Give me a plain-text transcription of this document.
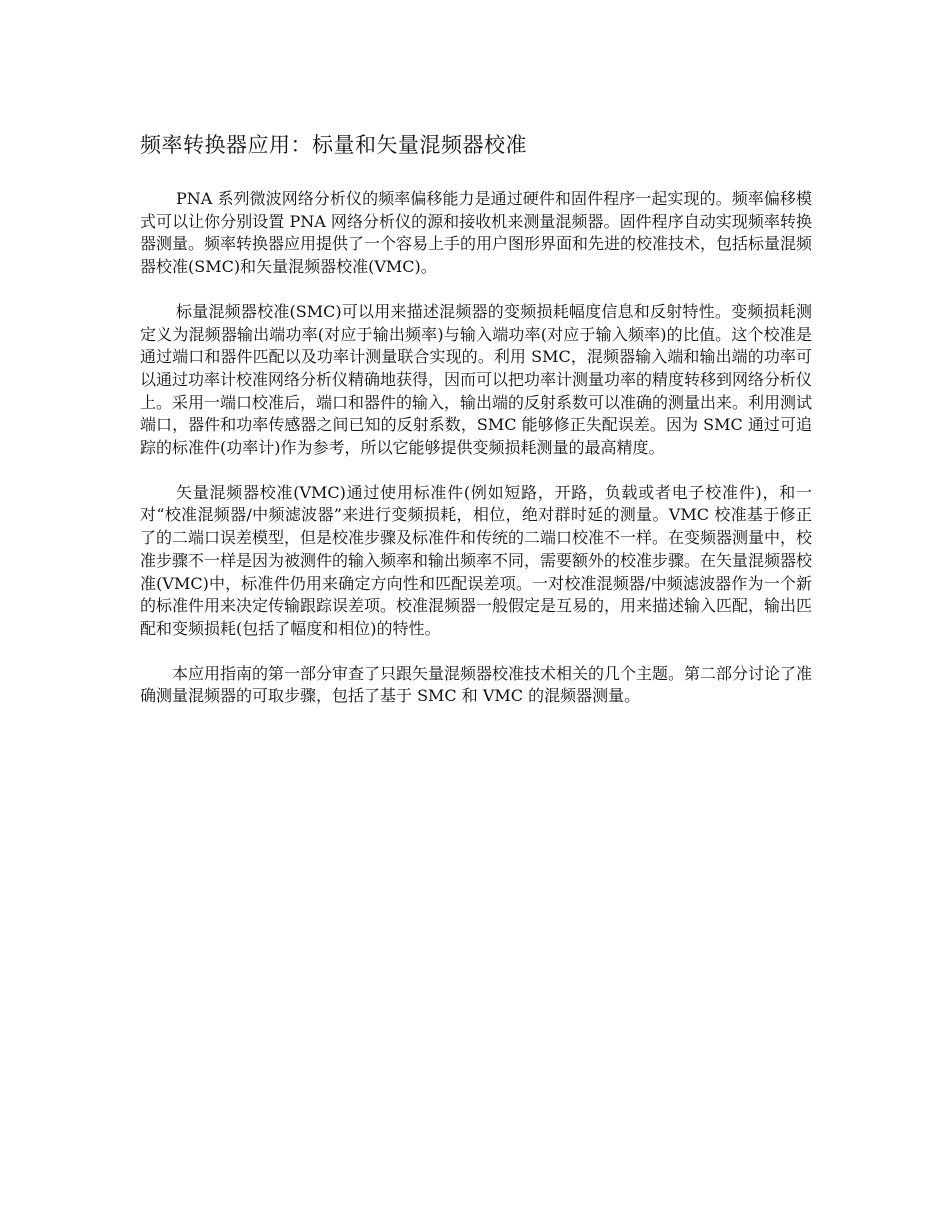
频率转换器应用：标量和矢量混频器校准

PNA 系列微波网络分析仪的频率偏移能力是通过硬件和固件程序一起实现的。频率偏移模式可以让你分别设置 PNA 网络分析仪的源和接收机来测量混频器。固件程序自动实现频率转换器测量。频率转换器应用提供了一个容易上手的用户图形界面和先进的校准技术，包括标量混频器校准(SMC)和矢量混频器校准(VMC)。

标量混频器校准(SMC)可以用来描述混频器的变频损耗幅度信息和反射特性。变频损耗测定义为混频器输出端功率(对应于输出频率)与输入端功率(对应于输入频率)的比值。这个校准是通过端口和器件匹配以及功率计测量联合实现的。利用 SMC，混频器输入端和输出端的功率可以通过功率计校准网络分析仪精确地获得，因而可以把功率计测量功率的精度转移到网络分析仪上。采用一端口校准后，端口和器件的输入，输出端的反射系数可以准确的测量出来。利用测试端口，器件和功率传感器之间已知的反射系数，SMC 能够修正失配误差。因为 SMC 通过可追踪的标准件(功率计)作为参考，所以它能够提供变频损耗测量的最高精度。

矢量混频器校准(VMC)通过使用标准件(例如短路，开路，负载或者电子校准件)，和一对“校准混频器/中频滤波器”来进行变频损耗，相位，绝对群时延的测量。VMC 校准基于修正了的二端口误差模型，但是校准步骤及标准件和传统的二端口校准不一样。在变频器测量中，校准步骤不一样是因为被测件的输入频率和输出频率不同，需要额外的校准步骤。在矢量混频器校准(VMC)中，标准件仍用来确定方向性和匹配误差项。一对校准混频器/中频滤波器作为一个新的标准件用来决定传输跟踪误差项。校准混频器一般假定是互易的，用来描述输入匹配，输出匹配和变频损耗(包括了幅度和相位)的特性。

本应用指南的第一部分审查了只跟矢量混频器校准技术相关的几个主题。第二部分讨论了准确测量混频器的可取步骤，包括了基于 SMC 和 VMC 的混频器测量。
